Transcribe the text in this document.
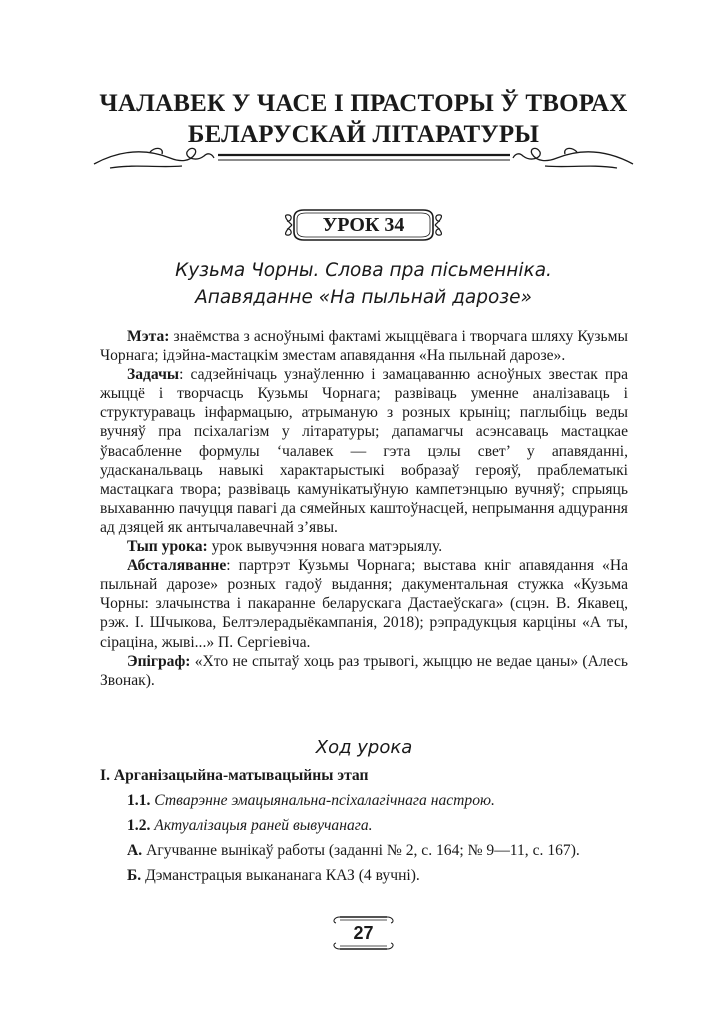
ЧАЛАВЕК У ЧАСЕ І ПРАСТОРЫ Ў ТВОРАХ
БЕЛАРУСКАЙ ЛІТАРАТУРЫ
УРОК 34
Кузьма Чорны. Слова пра пісьменніка.
Апавяданне «На пыльнай дарозе»

Мэта: знаёмства з асноўнымі фактамі жыццёвага і творчага шляху Кузьмы Чорнага; ідэйна-мастацкім зместам апавядання «На пыльнай дарозе».

Задачы: садзейнічаць узнаўленню і замацаванню асноўных звестак пра жыццё і творчасць Кузьмы Чорнага; развіваць уменне аналізаваць і структураваць інфармацыю, атрыманую з розных крыніц; паглыбіць веды вучняў пра псіхалагізм у літаратуры; дапамагчы асэнсаваць мастацкае ўвасабленне формулы ‘чалавек — гэта цэлы свет’ у апавяданні, удасканальваць навыкі характарыстыкі вобразаў герояў, праблематыкі мастацкага твора; развіваць камунікатыўную кампетэнцыю вучняў; спрыяць выхаванню пачуцця павагі да сямейных каштоўнасцей, непрымання адцурання ад дзяцей як антычалавечнай з’явы.

Тып урока: урок вывучэння новага матэрыялу.

Абсталяванне: партрэт Кузьмы Чорнага; выстава кніг апавядання «На пыльнай дарозе» розных гадоў выдання; дакументальная стужка «Кузьма Чорны: злачынства і пакаранне беларускага Дастаеўскага» (сцэн. В. Якавец, рэж. І. Шчыкова, Белтэлерадыёкампанія, 2018); рэпрадукцыя карціны «А ты, сіраціна, жыві...» П. Сергіевіча.

Эпіграф: «Хто не спытаў хоць раз трывогі, жыццю не ведае цаны» (Алесь Звонак).

Ход урока

I. Арганізацыйна-матывацыйны этап

1.1. Стварэнне эмацыянальна-псіхалагічнага настрою.

1.2. Актуалізацыя раней вывучанага.

А. Агучванне вынікаў работы (заданні № 2, с. 164; № 9—11, с. 167).

Б. Дэманстрацыя выкананага КАЗ (4 вучні).

27
